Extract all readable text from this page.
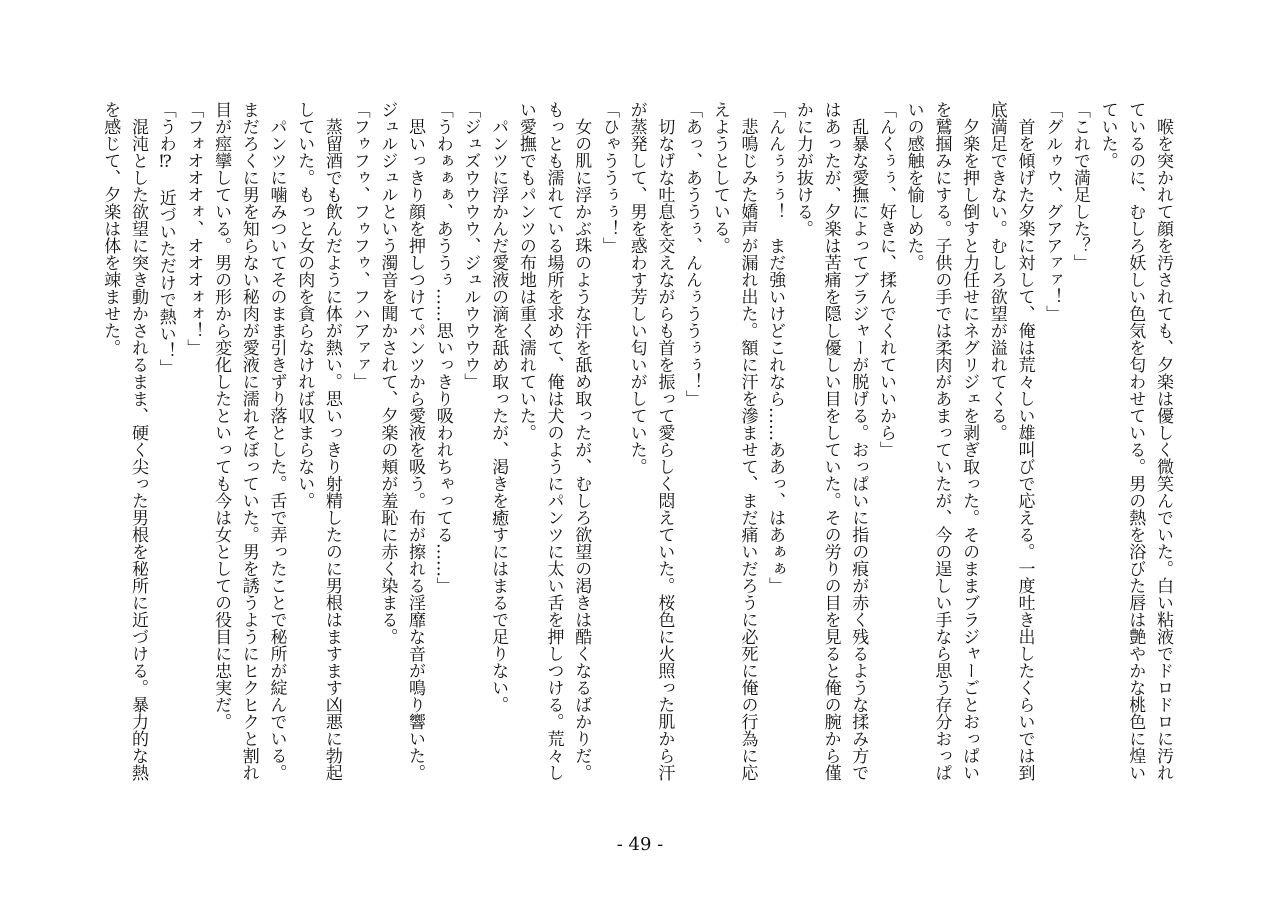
　喉を突かれて顔を汚されても、夕楽は優しく微笑んでいた。白い粘液でドロドロに汚れているのに、むしろ妖しい色気を匂わせている。男の熱を浴びた唇は艶やかな桃色に煌いていた。

「これで満足した？」

「グルゥウ、グアアァァ！」

　首を傾げた夕楽に対して、俺は荒々しい雄叫びで応える。一度吐き出したくらいでは到底満足できない。むしろ欲望が溢れてくる。

　夕楽を押し倒すと力任せにネグリジェを剥ぎ取った。そのままブラジャーごとおっぱいを鷲掴みにする。子供の手では柔肉があまっていたが、今の逞しい手なら思う存分おっぱいの感触を愉しめた。

「んくぅぅ、好きに、揉んでくれていいから」

　乱暴な愛撫によってブラジャーが脱げる。おっぱいに指の痕が赤く残るような揉み方ではあったが、夕楽は苦痛を隠し優しい目をしていた。その労りの目を見ると俺の腕から僅かに力が抜ける。

「んんぅぅぅ！　まだ強いけどこれなら……ああっ、はあぁぁ」

　悲鳴じみた嬌声が漏れ出た。額に汗を滲ませて、まだ痛いだろうに必死に俺の行為に応えようとしている。

「あっ、あううぅ、んんぅううぅぅ！」

　切なげな吐息を交えながらも首を振って愛らしく悶えていた。桜色に火照った肌から汗が蒸発して、男を惑わす芳しい匂いがしていた。

「ひゃううぅぅ！」

　女の肌に浮かぶ珠のような汗を舐め取ったが、むしろ欲望の渇きは酷くなるばかりだ。もっとも濡れている場所を求めて、俺は犬のようにパンツに太い舌を押しつける。荒々しい愛撫でもパンツの布地は重く濡れていた。

　パンツに浮かんだ愛液の滴を舐め取ったが、渇きを癒すにはまるで足りない。

「ジュズウウウウ、ジュルウウウウ」

「うわぁぁぁ、あううぅ……思いっきり吸われちゃってる……」

　思いっきり顔を押しつけてパンツから愛液を吸う。布が擦れる淫靡な音が鳴り響いた。ジュルジュルという濁音を聞かされて、夕楽の頬が羞恥に赤く染まる。

「フゥフゥ、フゥフゥ、フハアァァ」

　蒸留酒でも飲んだように体が熱い。思いっきり射精したのに男根はますます凶悪に勃起していた。もっと女の肉を貪らなければ収まらない。

　パンツに噛みついてそのまま引きずり落とした。舌で弄ったことで秘所が綻んでいる。まだろくに男を知らない秘肉が愛液に濡れそぼっていた。男を誘うようにヒクヒクと割れ目が痙攣している。男の形から変化したといっても今は女としての役目に忠実だ。

「フォオオオォ、オオオォォ！」

「うわ⁉　近づいただけで熱い！」

　混沌とした欲望に突き動かされるまま、硬く尖った男根を秘所に近づける。暴力的な熱を感じて、夕楽は体を竦ませた。

- 49 -
